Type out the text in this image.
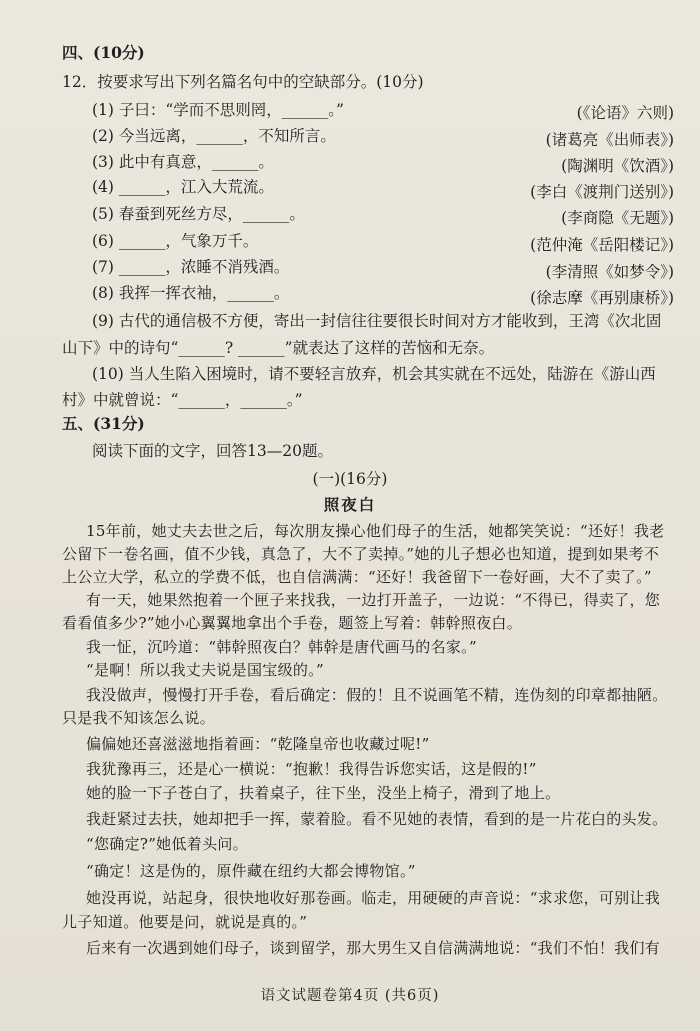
四、(10分)
12．按要求写出下列名篇名句中的空缺部分。(10分)
(1) 子曰：“学而不思则罔，______。”	(《论语》六则)
(2) 今当远离，______，不知所言。	(诸葛亮《出师表》)
(3) 此中有真意，______。	(陶渊明《饮酒》)
(4) ______，江入大荒流。	(李白《渡荆门送别》)
(5) 春蚕到死丝方尽，______。	(李商隐《无题》)
(6) ______，气象万千。	(范仲淹《岳阳楼记》)
(7) ______，浓睡不消残酒。	(李清照《如梦令》)
(8) 我挥一挥衣袖，______。	(徐志摩《再别康桥》)
(9) 古代的通信极不方便，寄出一封信往往要很长时间对方才能收到，王湾《次北固
山下》中的诗句“______? ______”就表达了这样的苦恼和无奈。
(10) 当人生陷入困境时，请不要轻言放弃，机会其实就在不远处，陆游在《游山西
村》中就曾说：“______，______。”
五、(31分)
阅读下面的文字，回答13—20题。
(一)(16分)
照夜白
15年前，她丈夫去世之后，每次朋友操心他们母子的生活，她都笑笑说：“还好！我老
公留下一卷名画，值不少钱，真急了，大不了卖掉。”她的儿子想必也知道，提到如果考不
上公立大学，私立的学费不低，也自信满满：“还好！我爸留下一卷好画，大不了卖了。”
有一天，她果然抱着一个匣子来找我，一边打开盖子，一边说：“不得已，得卖了，您
看看值多少?”她小心翼翼地拿出个手卷，题签上写着：韩幹照夜白。
我一怔，沉吟道：“韩幹照夜白？韩幹是唐代画马的名家。”
“是啊！所以我丈夫说是国宝级的。”
我没做声，慢慢打开手卷，看后确定：假的！且不说画笔不精，连伪刻的印章都抽陋。
只是我不知该怎么说。
偏偏她还喜滋滋地指着画：“乾隆皇帝也收藏过呢!”
我犹豫再三，还是心一横说：“抱歉！我得告诉您实话，这是假的!”
她的脸一下子苍白了，扶着桌子，往下坐，没坐上椅子，滑到了地上。
我赶紧过去扶，她却把手一挥，蒙着脸。看不见她的表情，看到的是一片花白的头发。
“您确定?”她低着头问。
“确定！这是伪的，原件藏在纽约大都会博物馆。”
她没再说，站起身，很快地收好那卷画。临走，用硬硬的声音说：“求求您，可别让我
儿子知道。他要是问，就说是真的。”
后来有一次遇到她们母子，谈到留学，那大男生又自信满满地说：“我们不怕！我们有
语文试题卷第4页 (共6页)
